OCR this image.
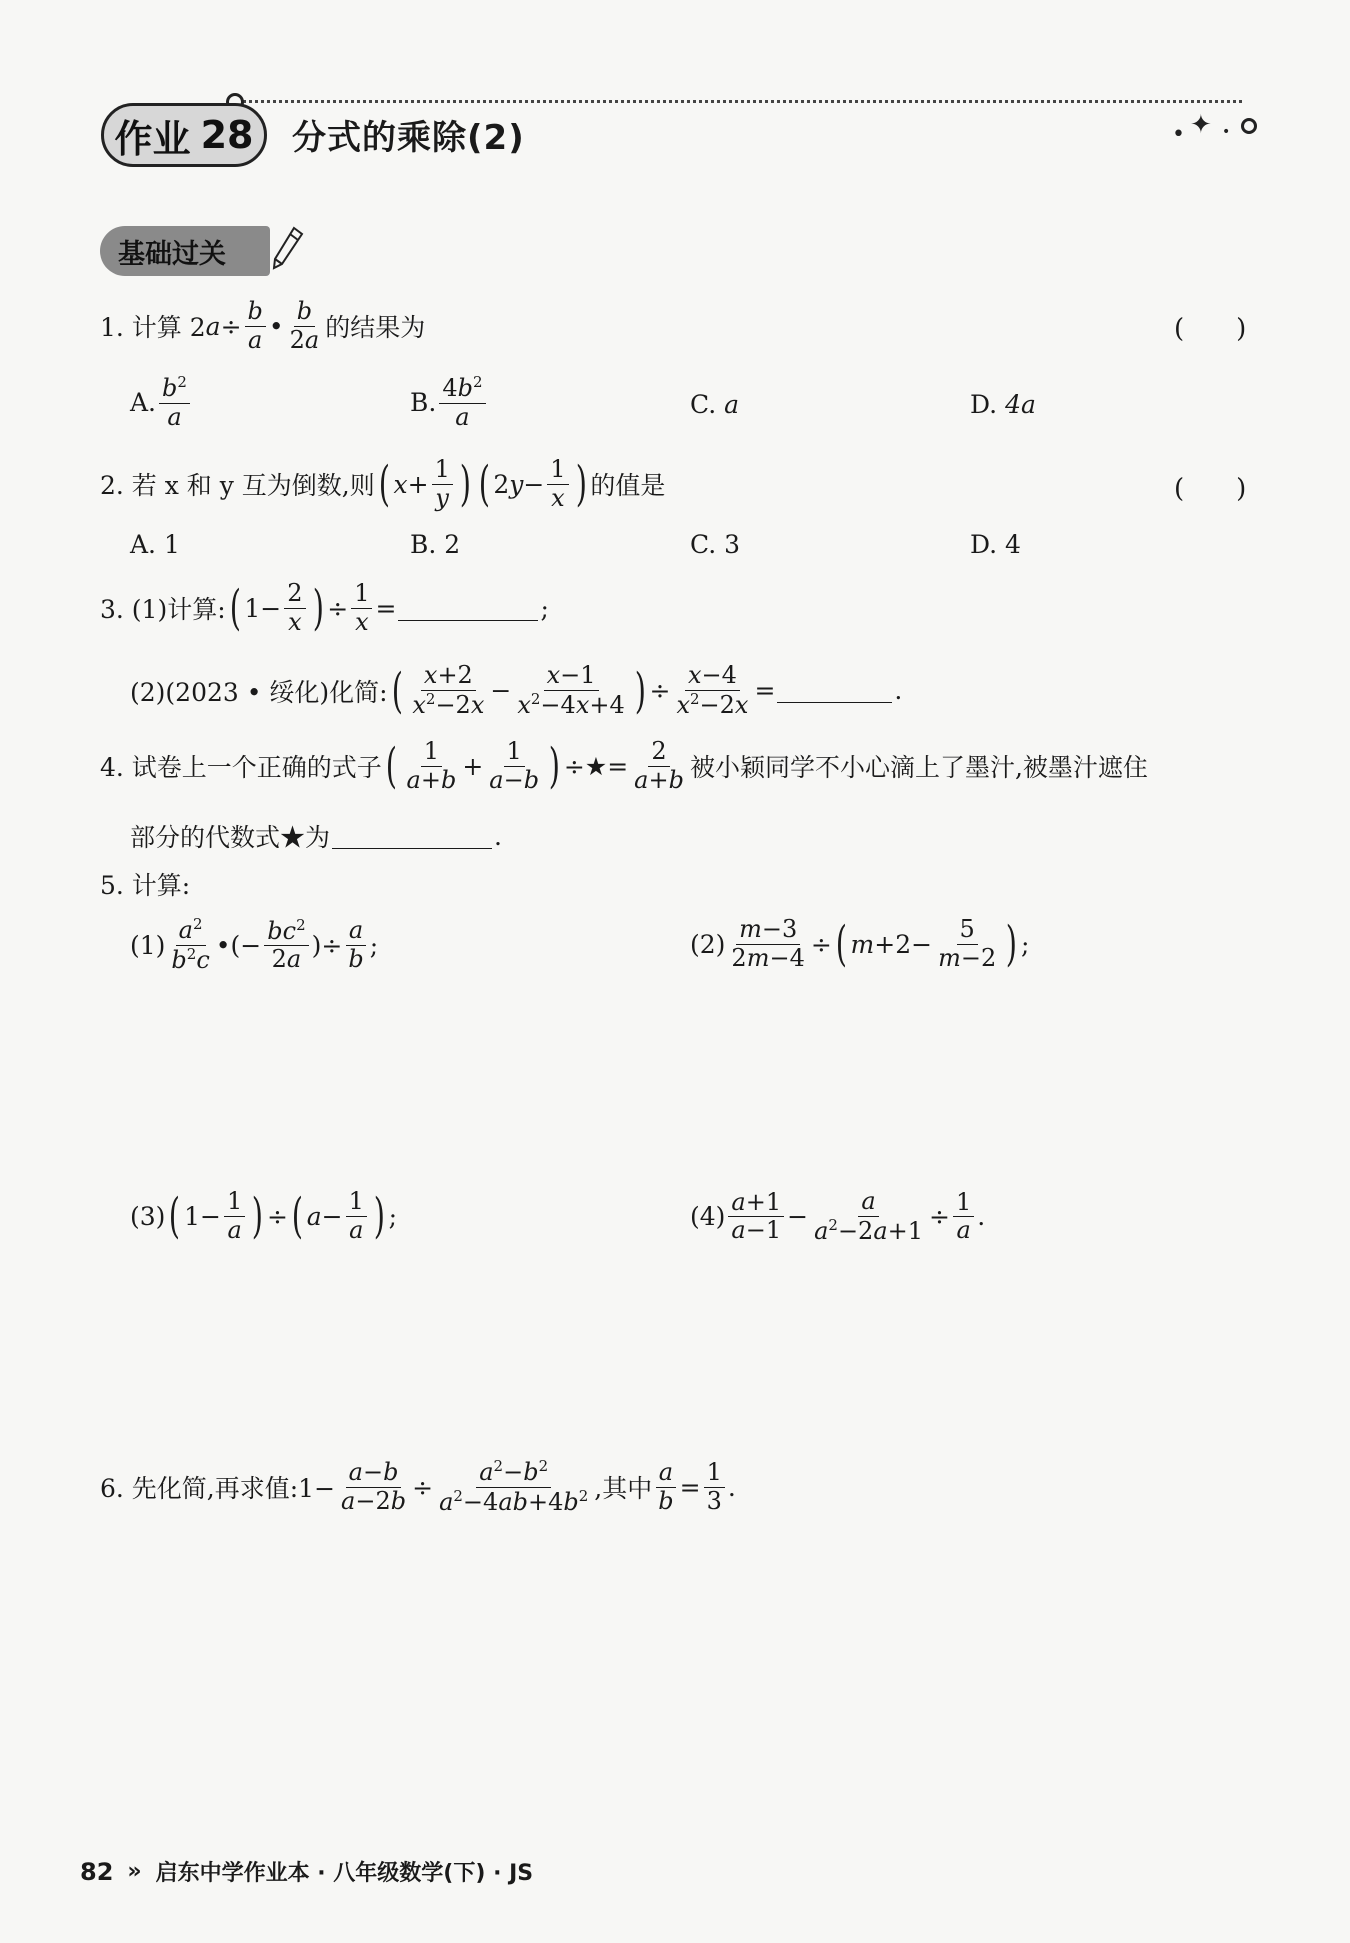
作业 28 分式的乘除(2)	• ✦ •
基础过关
1. 计算 2 $a \div \frac{b}{a}$ • $\frac{b}{2a}$ 的结果为	(　　)
A. $\frac{b^2}{a}$	B. $\frac{4b^2}{a}$	C.
a	D.
4a
2. 若 x 和 y 互为倒数,则 ( $x + \frac{1}{y}$ ) ( $2y- \frac{1}{x}$ ) 的值是	(　　)
A. 1	B. 2	C. 3	D. 4
3. (1)计算: ( $1- \frac{2}{x}$ ) ÷ $\frac{1}{x}$ =	;
(2)(2023 • 绥化)化简: ( $\frac{x+2}{x^2-2x} - \frac{x-1}{x^2-4x+4}$ ) ÷ $\frac{x-4}{x^2-2x}$ =	.
4. 试卷上一个正确的式子 ( $\frac{1}{a+b} + \frac{1}{a-b}$ ) ÷★= $\frac{2}{a+b}$ 被小颖同学不小心滴上了墨汁,被墨汁遮住
部分的代数式★为	.
5. 计算:
$(1) \frac{a^2}{b^2c}$ •(− $\frac{bc^2}{2a}$ )÷ $\frac{a}{b}$ ;	$(2) \frac{m-3}{2m-4}$ ÷ ( $m+2- \frac{5}{m-2}$ ) ;
(3) ( $1- \frac{1}{a}$ ) ÷ ( $a- \frac{1}{a}$ ) ;	$(4) \frac{a+1}{a-1} - \frac{a}{a^2-2a+1} \div \frac{1}{a}$ .
6. 先化简,再求值:1− $\frac{a-b}{a-2b} \div \frac{a^2-b^2}{a^2-4ab+4b^2}$ ,其中 $\frac{a}{b} = \frac{1}{3}$ .
82 » 启东中学作业本 · 八年级数学(下) · JS
